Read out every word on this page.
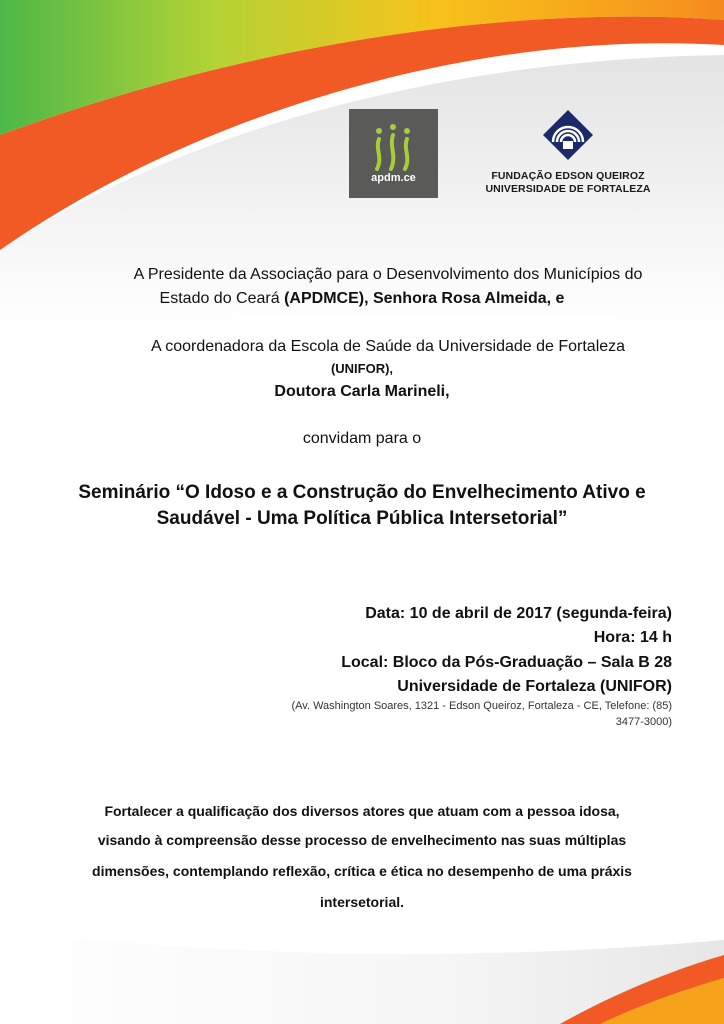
apdm.ce	FUNDAÇÃO EDSON QUEIROZ
UNIVERSIDADE DE FORTALEZA
A Presidente da Associação para o Desenvolvimento dos Municípios do
Estado do Ceará (APDMCE), Senhora Rosa Almeida, e
A coordenadora da Escola de Saúde da Universidade de Fortaleza
(UNIFOR),
Doutora Carla Marineli,
convidam para o
Seminário “O Idoso e a Construção do Envelhecimento Ativo e
Saudável - Uma Política Pública Intersetorial”
Data: 10 de abril de 2017 (segunda-feira)
Hora: 14 h
Local: Bloco da Pós-Graduação – Sala B 28
Universidade de Fortaleza (UNIFOR)
(Av. Washington Soares, 1321 - Edson Queiroz, Fortaleza - CE, Telefone: (85)
3477-3000)
Fortalecer a qualificação dos diversos atores que atuam com a pessoa idosa,
visando à compreensão desse processo de envelhecimento nas suas múltiplas
dimensões, contemplando reflexão, crítica e ética no desempenho de uma práxis
intersetorial.
